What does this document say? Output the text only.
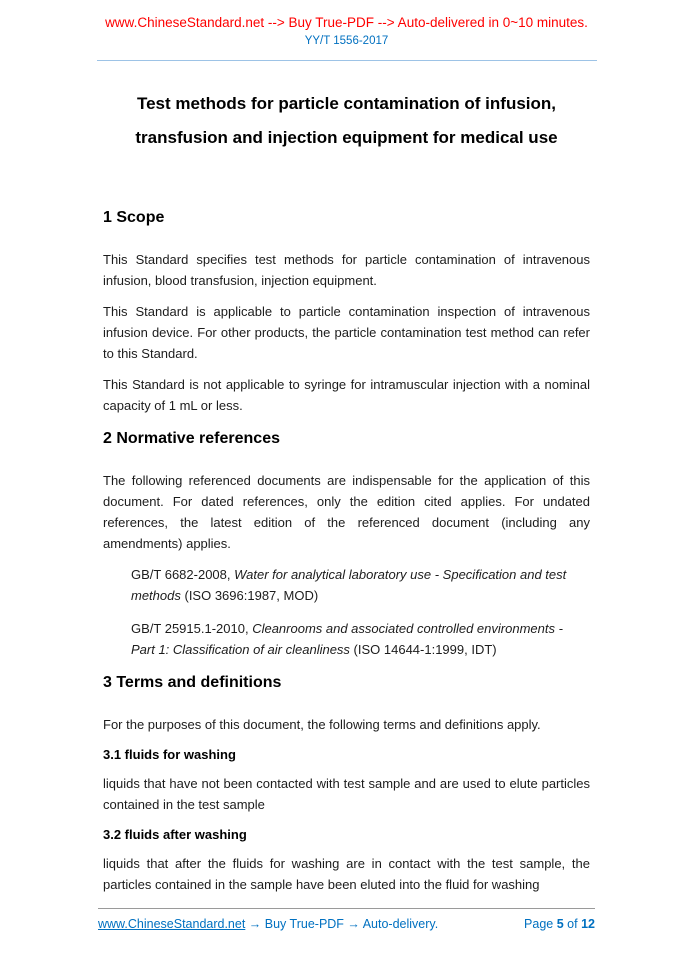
www.ChineseStandard.net --> Buy True-PDF --> Auto-delivered in 0~10 minutes.
YY/T 1556-2017
Test methods for particle contamination of infusion,
transfusion and injection equipment for medical use
1 Scope

This Standard specifies test methods for particle contamination of intravenous infusion, blood transfusion, injection equipment.

This Standard is applicable to particle contamination inspection of intravenous infusion device. For other products, the particle contamination test method can refer to this Standard.

This Standard is not applicable to syringe for intramuscular injection with a nominal capacity of 1 mL or less.

2 Normative references

The following referenced documents are indispensable for the application of this document. For dated references, only the edition cited applies. For undated references, the latest edition of the referenced document (including any amendments) applies.

GB/T 6682-2008, Water for analytical laboratory use - Specification and test methods (ISO 3696:1987, MOD)

GB/T 25915.1-2010, Cleanrooms and associated controlled environments - Part 1: Classification of air cleanliness (ISO 14644-1:1999, IDT)

3 Terms and definitions

For the purposes of this document, the following terms and definitions apply.

3.1 fluids for washing

liquids that have not been contacted with test sample and are used to elute particles contained in the test sample

3.2 fluids after washing

liquids that after the fluids for washing are in contact with the test sample, the particles contained in the sample have been eluted into the fluid for washing

www.ChineseStandard.net → Buy True-PDF → Auto-delivery.	Page 5 of 12
